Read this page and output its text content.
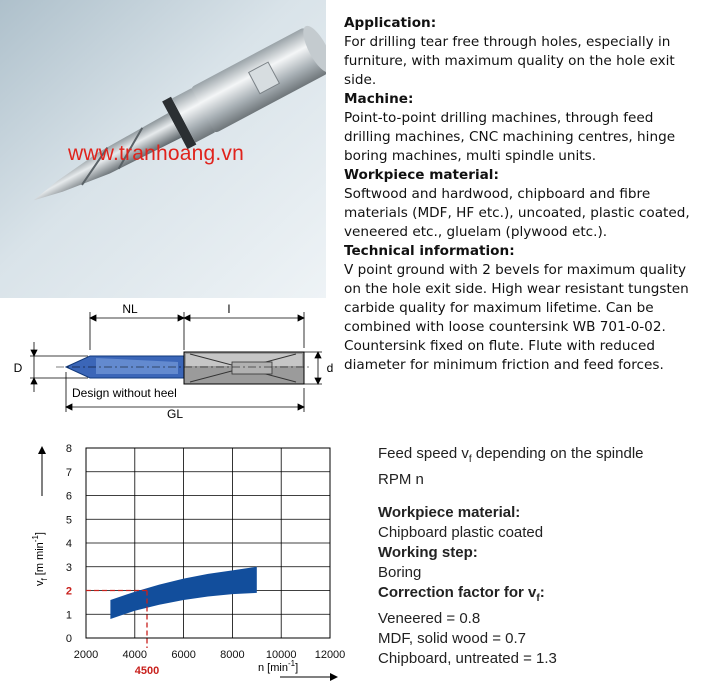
www.tranhoang.vn
Application:
For drilling tear free through holes, especially in
furniture, with maximum quality on the hole exit
side.
Machine:
Point-to-point drilling machines, through feed
drilling machines, CNC machining centres, hinge
boring machines, multi spindle units.
Workpiece material:
Softwood and hardwood, chipboard and fibre
materials (MDF, HF etc.), uncoated, plastic coated,
veneered etc., gluelam (plywood etc.).
Technical information:
V point ground with 2 bevels for maximum quality
on the hole exit side. High wear resistant tungsten
carbide quality for maximum lifetime. Can be
combined with loose countersink WB 701-0-02.
Countersink fixed on flute. Flute with reduced
diameter for minimum friction and feed forces.
NL	l
D	d
Design without heel
GL
2000 4000 6000 8000 10000 12000
4500
0
1
2
3
4
5
6
7
8
n $[\min^{-1}]$
$v_f$ [m $\min^{-1}$]
Feed speed $v_f$ depending on the spindle
RPM n
Workpiece material:
Chipboard plastic coated
Working step:
Boring
Correction factor for $v_f$:
Veneered = 0.8
MDF, solid wood = 0.7
Chipboard, untreated = 1.3
